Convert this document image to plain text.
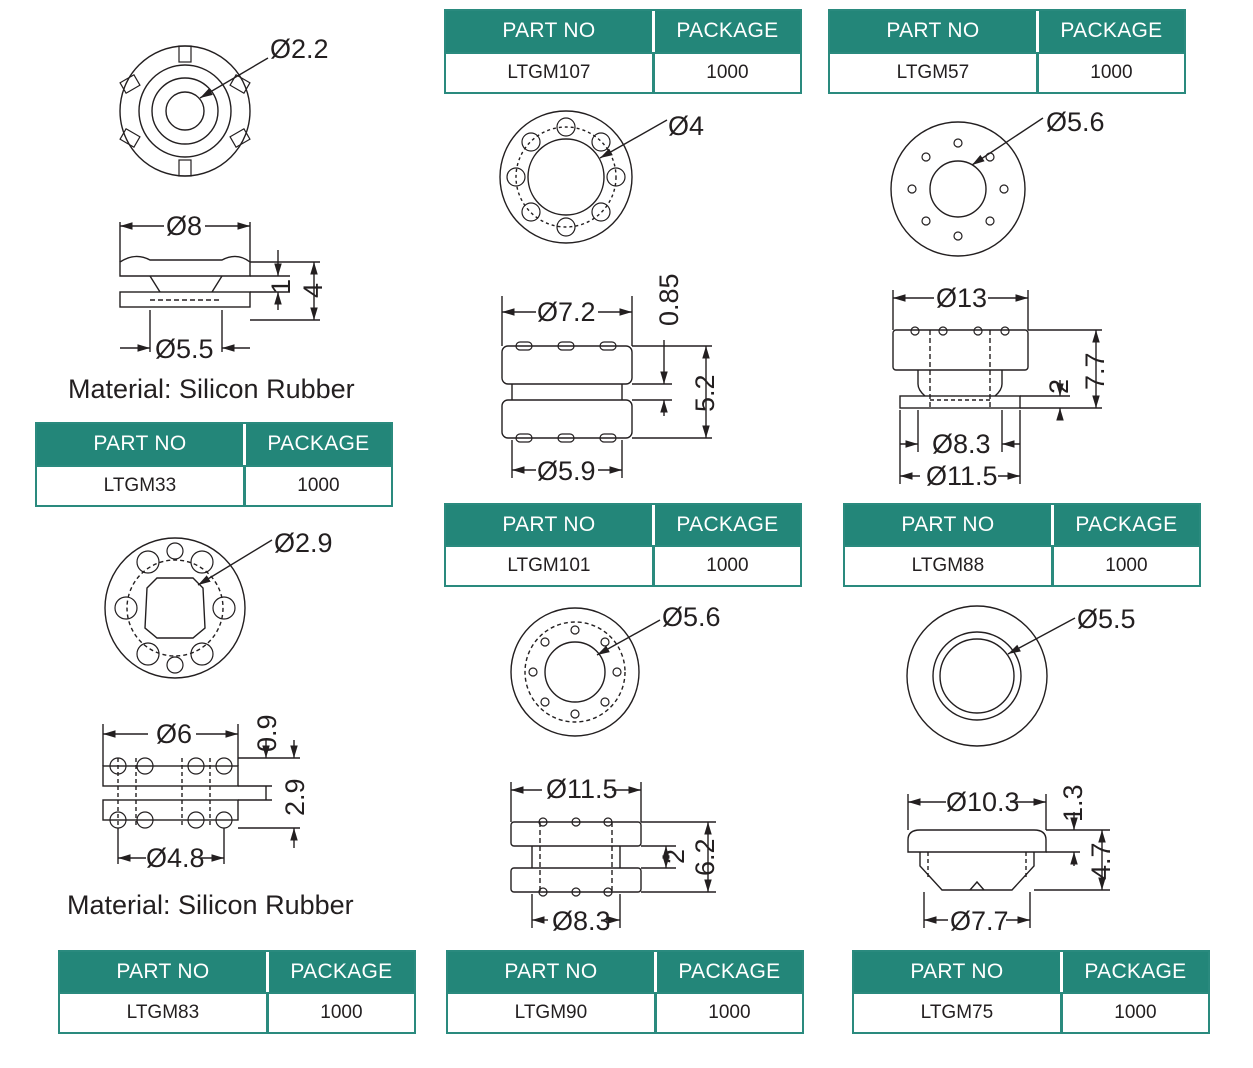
PART NO	PACKAGE
LTGM107	1000
PART NO	PACKAGE
LTGM57	1000
PART NO	PACKAGE
LTGM33	1000
PART NO	PACKAGE
LTGM101	1000
PART NO	PACKAGE
LTGM88	1000
PART NO	PACKAGE
LTGM83	1000
PART NO	PACKAGE
LTGM90	1000
PART NO	PACKAGE
LTGM75	1000
Ø2.2
Ø8
Ø5.5
1 4
Material: Silicon Rubber
Ø4
Ø7.2
Ø5.9
0.85
5.2
Ø5.6
Ø13
Ø8.3
Ø11.5
2 7.7
Ø2.9
Ø6
Ø4.8
0.9
2.9
Material: Silicon Rubber
Ø5.6
Ø11.5
Ø8.3
2 6.2
Ø5.5
Ø10.3
Ø7.7
1.3
4.7
